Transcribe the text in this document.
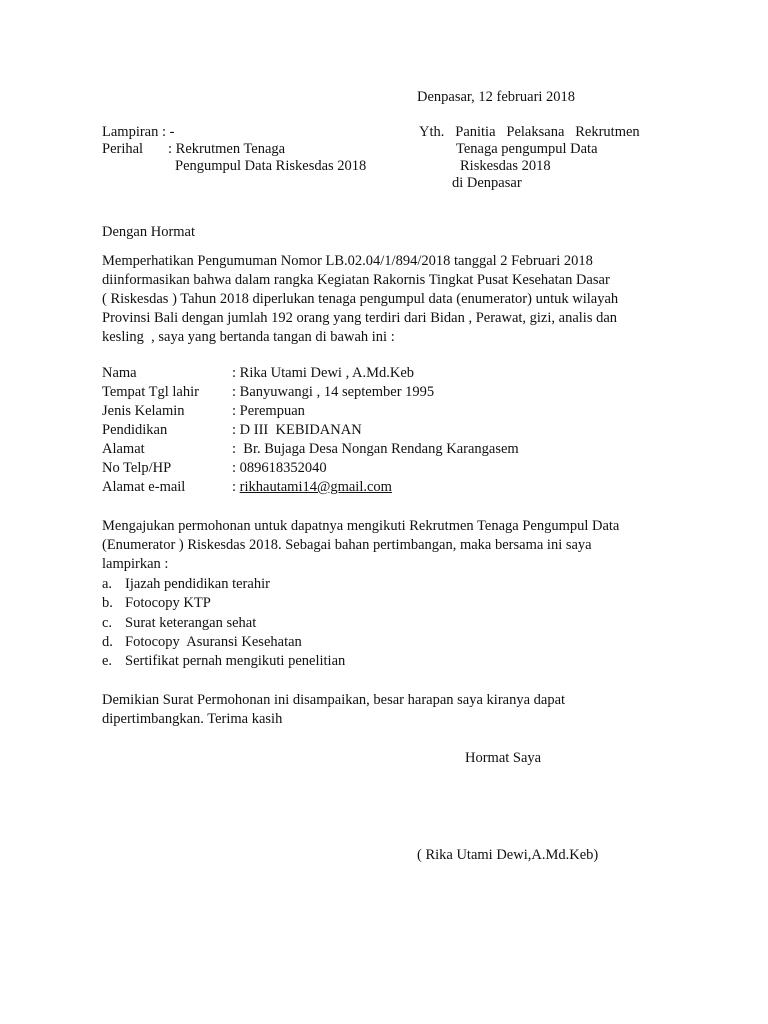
Denpasar, 12 februari 2018
Lampiran : -
Perihal : Rekrutmen Tenaga
Pengumpul Data Riskesdas 2018
Yth.   Panitia   Pelaksana   Rekrutmen
Tenaga pengumpul Data
Riskesdas 2018
di Denpasar
Dengan Hormat
Memperhatikan Pengumuman Nomor LB.02.04/1/894/2018 tanggal 2 Februari 2018
diinformasikan bahwa dalam rangka Kegiatan Rakornis Tingkat Pusat Kesehatan Dasar
( Riskesdas ) Tahun 2018 diperlukan tenaga pengumpul data (enumerator) untuk wilayah
Provinsi Bali dengan jumlah 192 orang yang terdiri dari Bidan , Perawat, gizi, analis dan
kesling  , saya yang bertanda tangan di bawah ini :
Nama	: Rika Utami Dewi , A.Md.Keb
Tempat Tgl lahir : Banyuwangi , 14 september 1995
Jenis Kelamin	: Perempuan
Pendidikan	: D III  KEBIDANAN
Alamat	:  Br. Bujaga Desa Nongan Rendang Karangasem
No Telp/HP	: 089618352040
Alamat e-mail	: rikhautami14@gmail.com
Mengajukan permohonan untuk dapatnya mengikuti Rekrutmen Tenaga Pengumpul Data
(Enumerator ) Riskesdas 2018. Sebagai bahan pertimbangan, maka bersama ini saya
lampirkan :
a. Ijazah pendidikan terahir
b. Fotocopy KTP
c. Surat keterangan sehat
d. Fotocopy  Asuransi Kesehatan
e. Sertifikat pernah mengikuti penelitian
Demikian Surat Permohonan ini disampaikan, besar harapan saya kiranya dapat
dipertimbangkan. Terima kasih
Hormat Saya
( Rika Utami Dewi,A.Md.Keb)
